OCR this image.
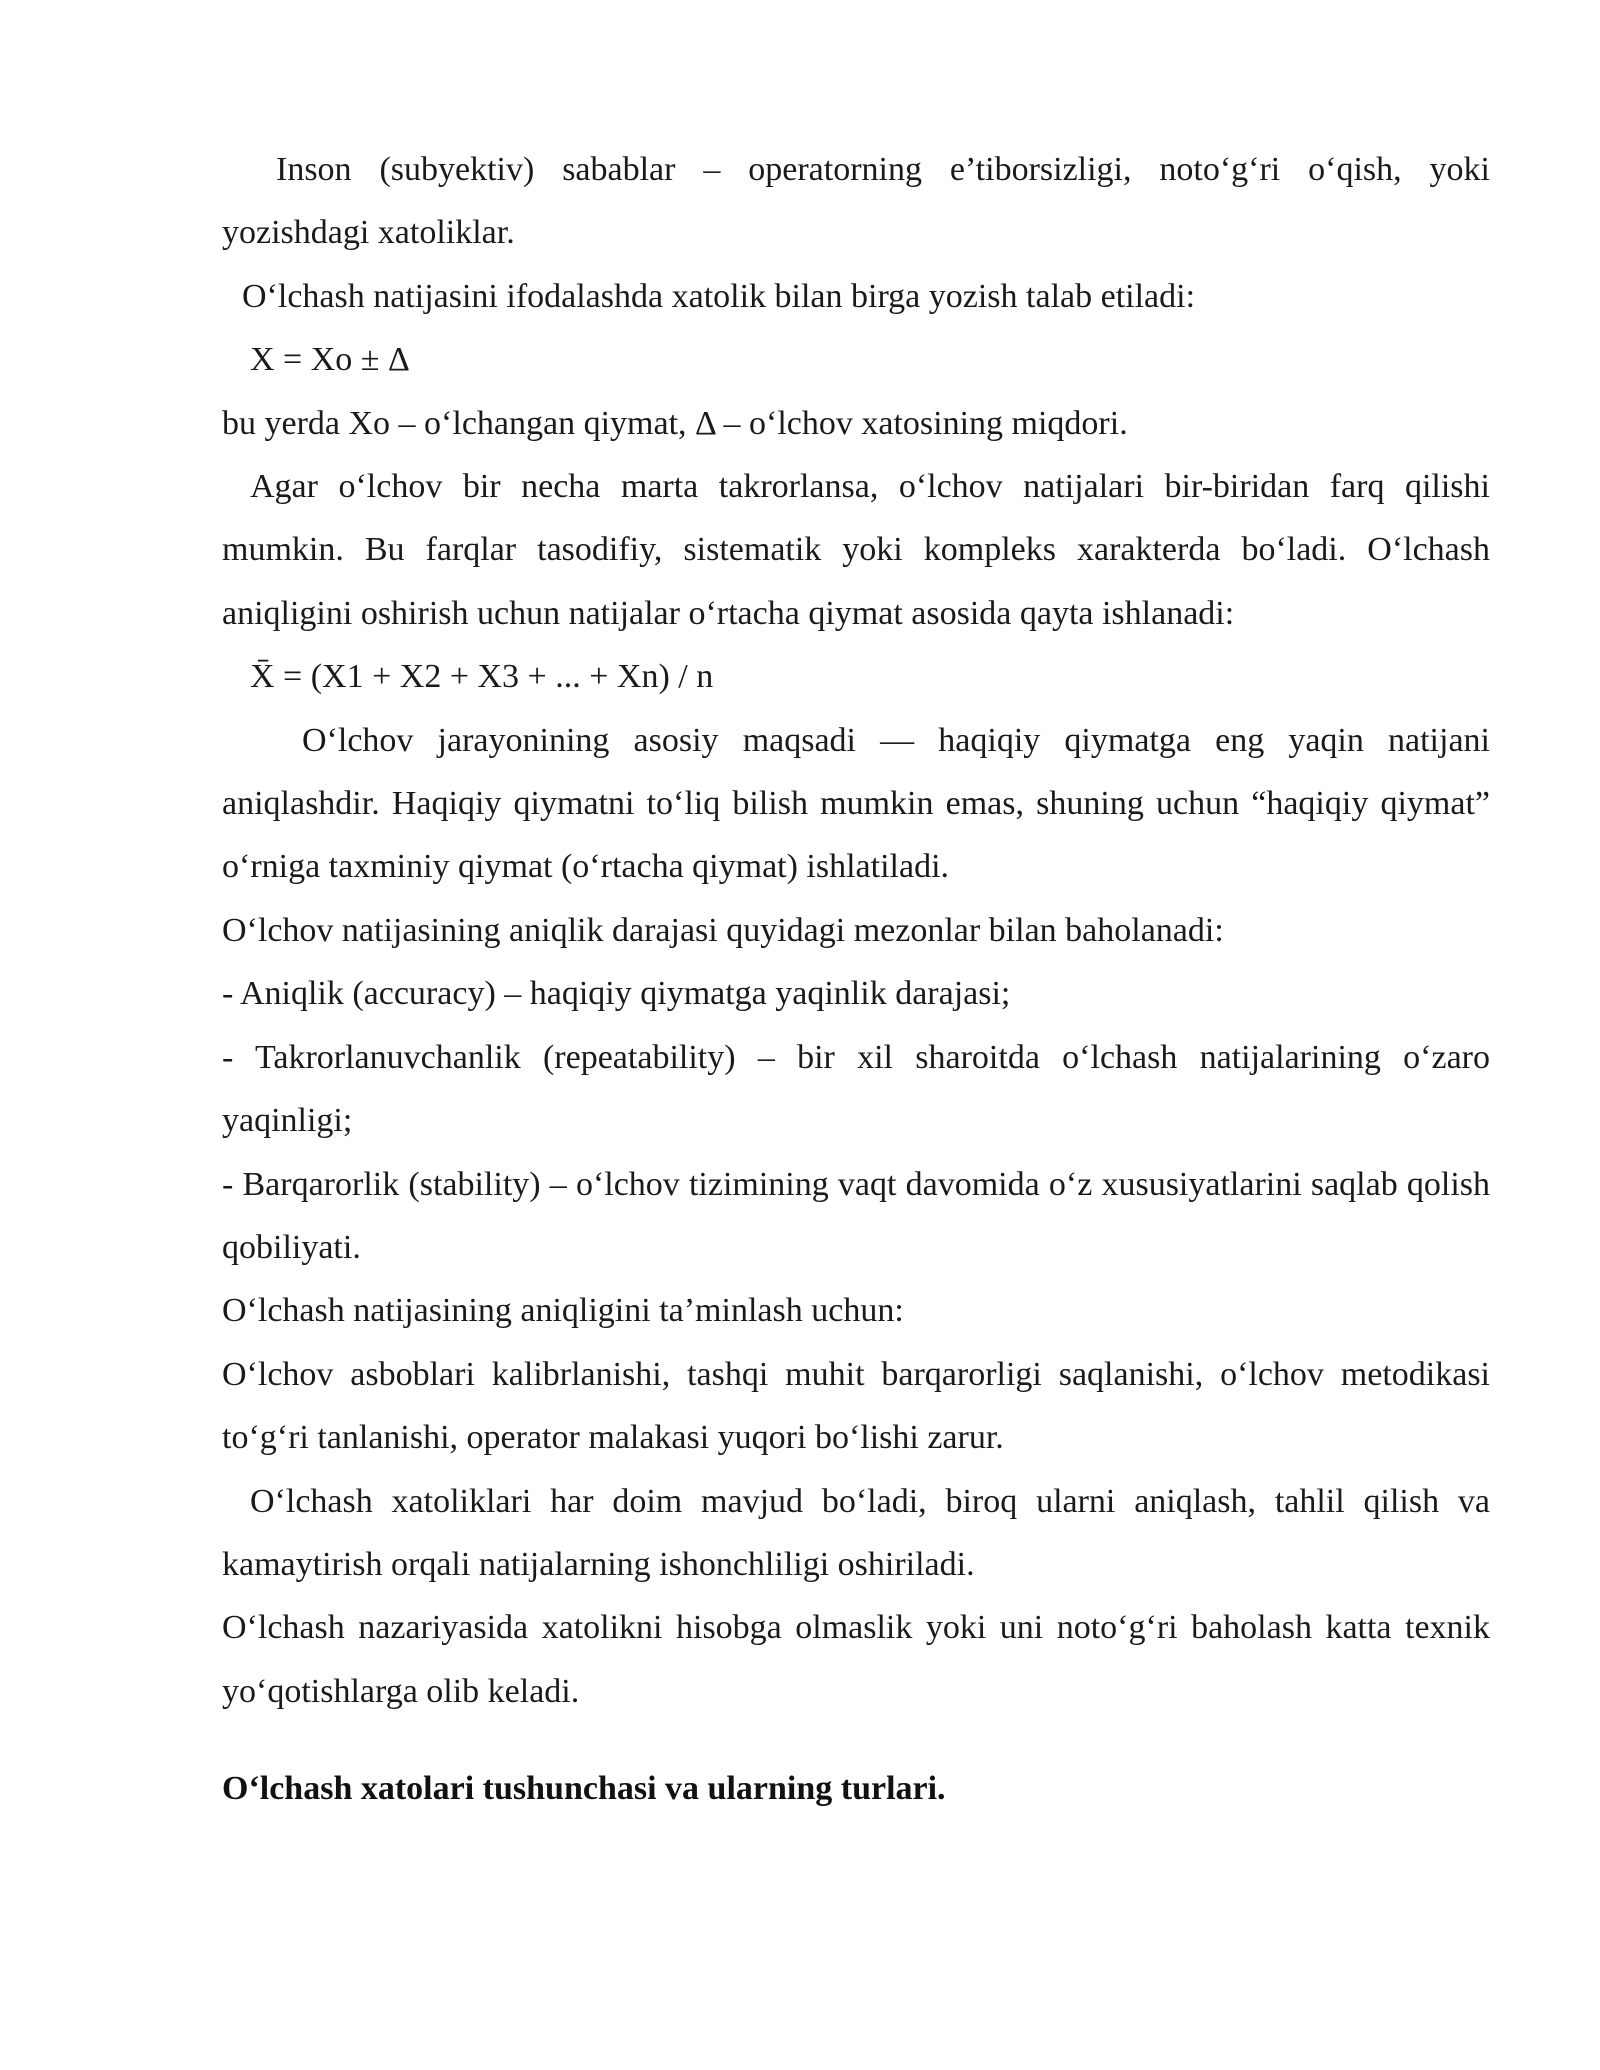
Inson (subyektiv) sabablar – operatorning e’tiborsizligi, noto‘g‘ri o‘qish, yoki yozishdagi xatoliklar.

O‘lchash natijasini ifodalashda xatolik bilan birga yozish talab etiladi:

X = Xo ± Δ

bu yerda Xo – o‘lchangan qiymat, Δ – o‘lchov xatosining miqdori.

Agar o‘lchov bir necha marta takrorlansa, o‘lchov natijalari bir-biridan farq qilishi mumkin. Bu farqlar tasodifiy, sistematik yoki kompleks xarakterda bo‘ladi. O‘lchash aniqligini oshirish uchun natijalar o‘rtacha qiymat asosida qayta ishlanadi:

X̄ = (X1 + X2 + X3 + ... + Xn) / n

O‘lchov jarayonining asosiy maqsadi — haqiqiy qiymatga eng yaqin natijani aniqlashdir. Haqiqiy qiymatni to‘liq bilish mumkin emas, shuning uchun “haqiqiy qiymat” o‘rniga taxminiy qiymat (o‘rtacha qiymat) ishlatiladi.

O‘lchov natijasining aniqlik darajasi quyidagi mezonlar bilan baholanadi:

- Aniqlik (accuracy) – haqiqiy qiymatga yaqinlik darajasi;

- Takrorlanuvchanlik (repeatability) – bir xil sharoitda o‘lchash natijalarining o‘zaro yaqinligi;

- Barqarorlik (stability) – o‘lchov tizimining vaqt davomida o‘z xususiyatlarini saqlab qolish qobiliyati.

O‘lchash natijasining aniqligini ta’minlash uchun:

O‘lchov asboblari kalibrlanishi, tashqi muhit barqarorligi saqlanishi, o‘lchov metodikasi to‘g‘ri tanlanishi, operator malakasi yuqori bo‘lishi zarur.

O‘lchash xatoliklari har doim mavjud bo‘ladi, biroq ularni aniqlash, tahlil qilish va kamaytirish orqali natijalarning ishonchliligi oshiriladi.

O‘lchash nazariyasida xatolikni hisobga olmaslik yoki uni noto‘g‘ri baholash katta texnik yo‘qotishlarga olib keladi.

O‘lchash xatolari tushunchasi va ularning turlari.
